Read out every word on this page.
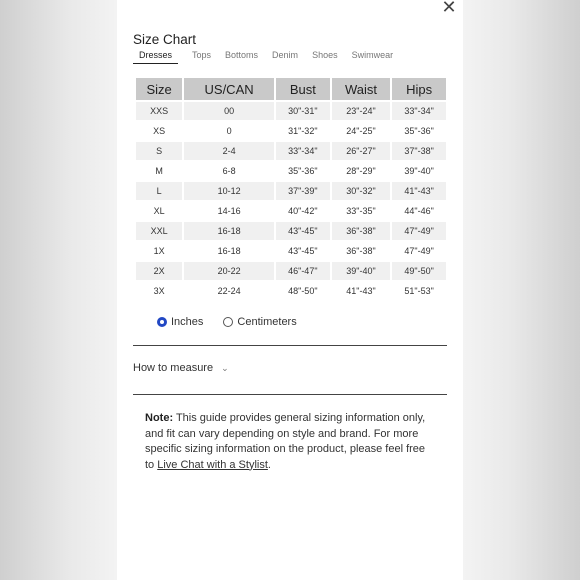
✕
Size Chart
Dresses	Tops Bottoms Denim Shoes Swimwear
Size	US/CAN	Bust	Waist	Hips
XXS	00	30"-31"	23"-24"	33"-34"
XS	0	31"-32"	24"-25"	35"-36"
S	2-4	33"-34"	26"-27"	37"-38"
M	6-8	35"-36"	28"-29"	39"-40"
L	10-12	37"-39"	30"-32"	41"-43"
XL	14-16	40"-42"	33"-35"	44"-46"
XXL	16-18	43"-45"	36"-38"	47"-49"
1X	16-18	43"-45"	36"-38"	47"-49"
2X	20-22	46"-47"	39"-40"	49"-50"
3X	22-24	48"-50"	41"-43"	51"-53"
Inches	Centimeters
How to measure ⌄
Note: This guide provides general sizing information only, and fit can vary depending on style and brand. For more specific sizing information on the product, please feel free to Live Chat with a Stylist.
